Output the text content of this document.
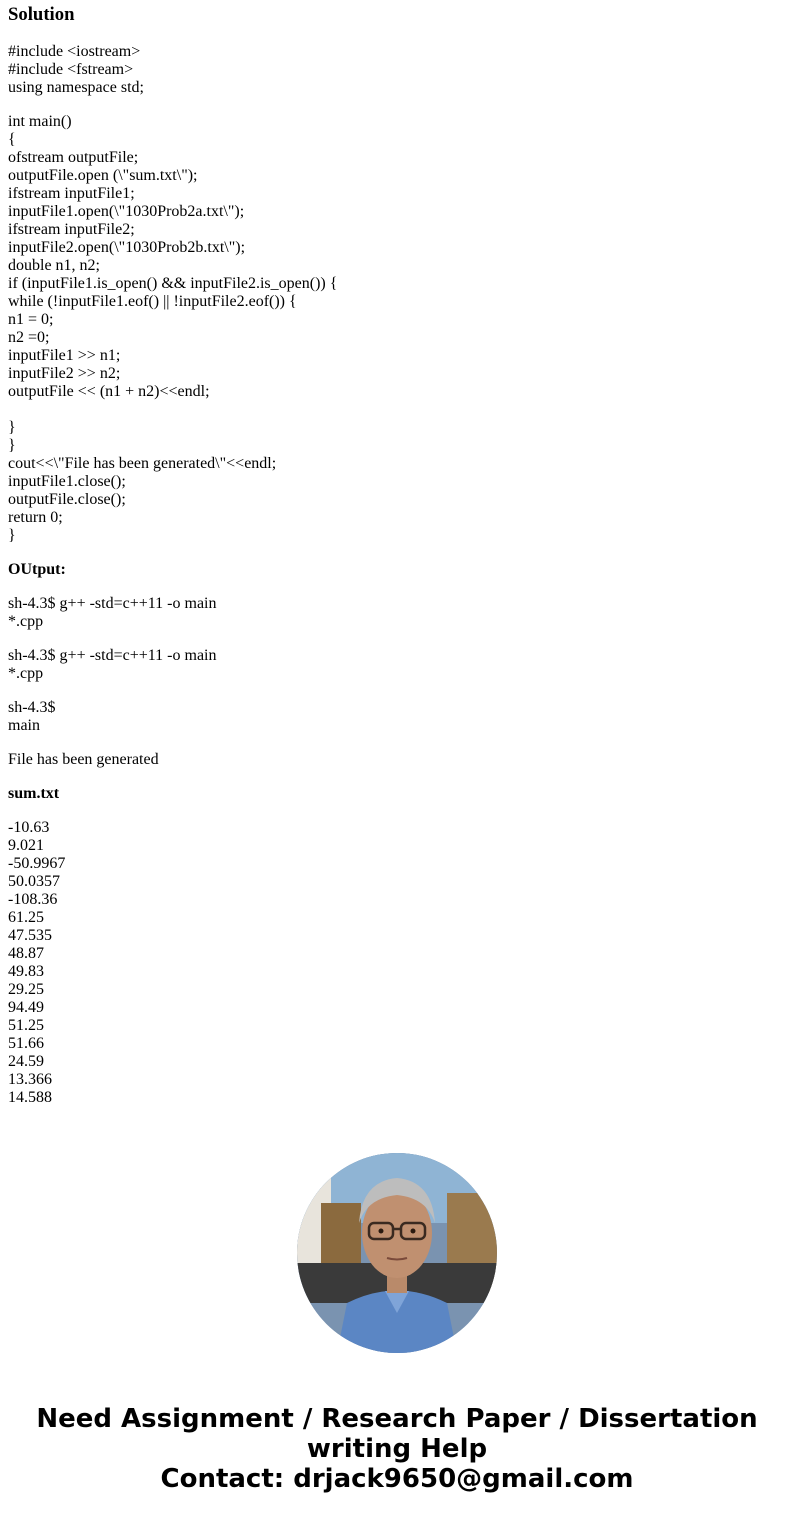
Solution
#include <iostream>
#include <fstream>
using namespace std;
int main()
{
ofstream outputFile;
outputFile.open (\"sum.txt\");
ifstream inputFile1;
inputFile1.open(\"1030Prob2a.txt\");
ifstream inputFile2;
inputFile2.open(\"1030Prob2b.txt\");
double n1, n2;
if (inputFile1.is_open() && inputFile2.is_open()) {
while (!inputFile1.eof() || !inputFile2.eof()) {
n1 = 0;
n2 =0;
inputFile1 >> n1;
inputFile2 >> n2;
outputFile << (n1 + n2)<<endl;
}
}
cout<<\"File has been generated\"<<endl;
inputFile1.close();
outputFile.close();
return 0;
}
OUtput:
sh-4.3$ g++ -std=c++11 -o main
*.cpp
sh-4.3$ g++ -std=c++11 -o main
*.cpp
sh-4.3$
main
File has been generated
sum.txt
-10.63
9.021
-50.9967
50.0357
-108.36
61.25
47.535
48.87
49.83
29.25
94.49
51.25
51.66
24.59
13.366
14.588
Need Assignment / Research Paper / Dissertation
writing Help
Contact: drjack9650@gmail.com
